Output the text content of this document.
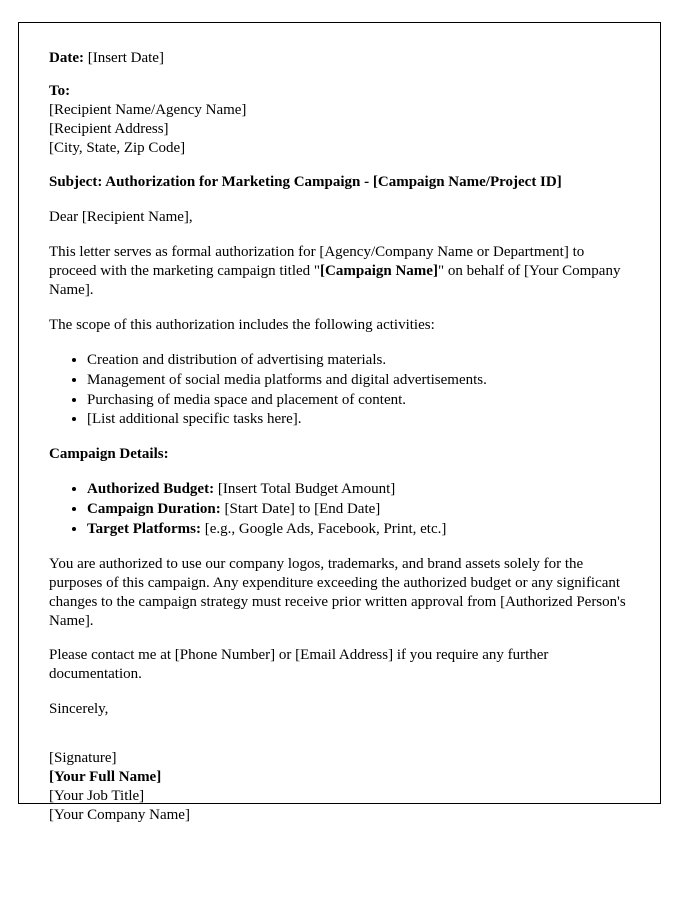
Date: [Insert Date]

To:

[Recipient Name/Agency Name]

[Recipient Address]

[City, State, Zip Code]

Subject: Authorization for Marketing Campaign - [Campaign Name/Project ID]

Dear [Recipient Name],

This letter serves as formal authorization for [Agency/Company Name or Department] to proceed with the marketing campaign titled "[Campaign Name]" on behalf of [Your Company Name].

The scope of this authorization includes the following activities:

• Creation and distribution of advertising materials.
• Management of social media platforms and digital advertisements.
• Purchasing of media space and placement of content.
• [List additional specific tasks here].

Campaign Details:

• Authorized Budget: [Insert Total Budget Amount]
• Campaign Duration: [Start Date] to [End Date]
• Target Platforms: [e.g., Google Ads, Facebook, Print, etc.]

You are authorized to use our company logos, trademarks, and brand assets solely for the purposes of this campaign. Any expenditure exceeding the authorized budget or any significant changes to the campaign strategy must receive prior written approval from [Authorized Person's Name].

Please contact me at [Phone Number] or [Email Address] if you require any further documentation.

Sincerely,

[Signature]

[Your Full Name]

[Your Job Title]

[Your Company Name]
